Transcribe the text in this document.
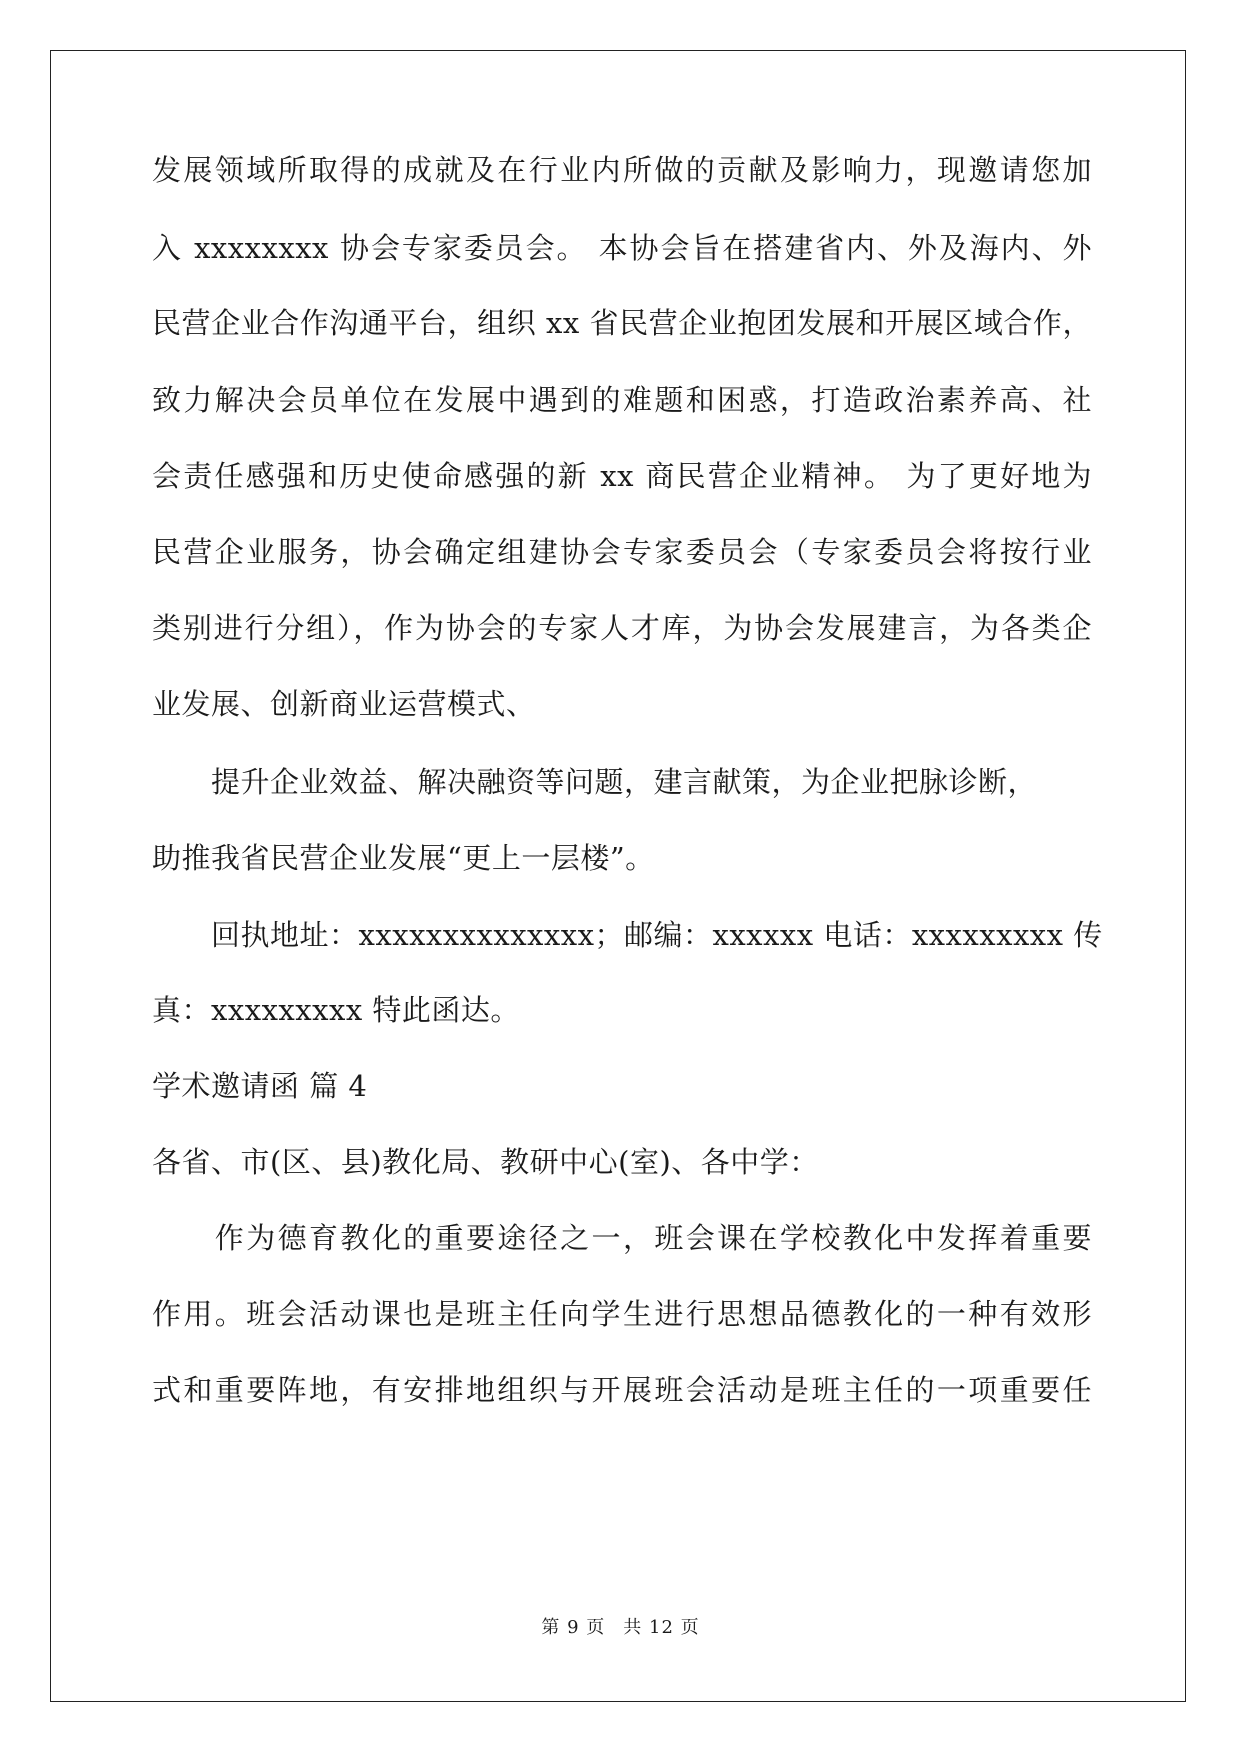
发展领域所取得的成就及在行业内所做的贡献及影响力，现邀请您加
入 xxxxxxxx 协会专家委员会。 本协会旨在搭建省内、外及海内、外
民营企业合作沟通平台，组织 xx 省民营企业抱团发展和开展区域合作，
致力解决会员单位在发展中遇到的难题和困惑，打造政治素养高、社
会责任感强和历史使命感强的新 xx 商民营企业精神。 为了更好地为
民营企业服务，协会确定组建协会专家委员会（专家委员会将按行业
类别进行分组），作为协会的专家人才库，为协会发展建言，为各类企
业发展、创新商业运营模式、
　　提升企业效益、解决融资等问题，建言献策，为企业把脉诊断，
助推我省民营企业发展“更上一层楼”。
　　回执地址：xxxxxxxxxxxxxx；邮编：xxxxxx 电话：xxxxxxxxx 传
真：xxxxxxxxx 特此函达。
学术邀请函 篇 4
各省、市(区、县)教化局、教研中心(室)、各中学：
　　作为德育教化的重要途径之一，班会课在学校教化中发挥着重要
作用。班会活动课也是班主任向学生进行思想品德教化的一种有效形
式和重要阵地，有安排地组织与开展班会活动是班主任的一项重要任
第 9 页 共 12 页
